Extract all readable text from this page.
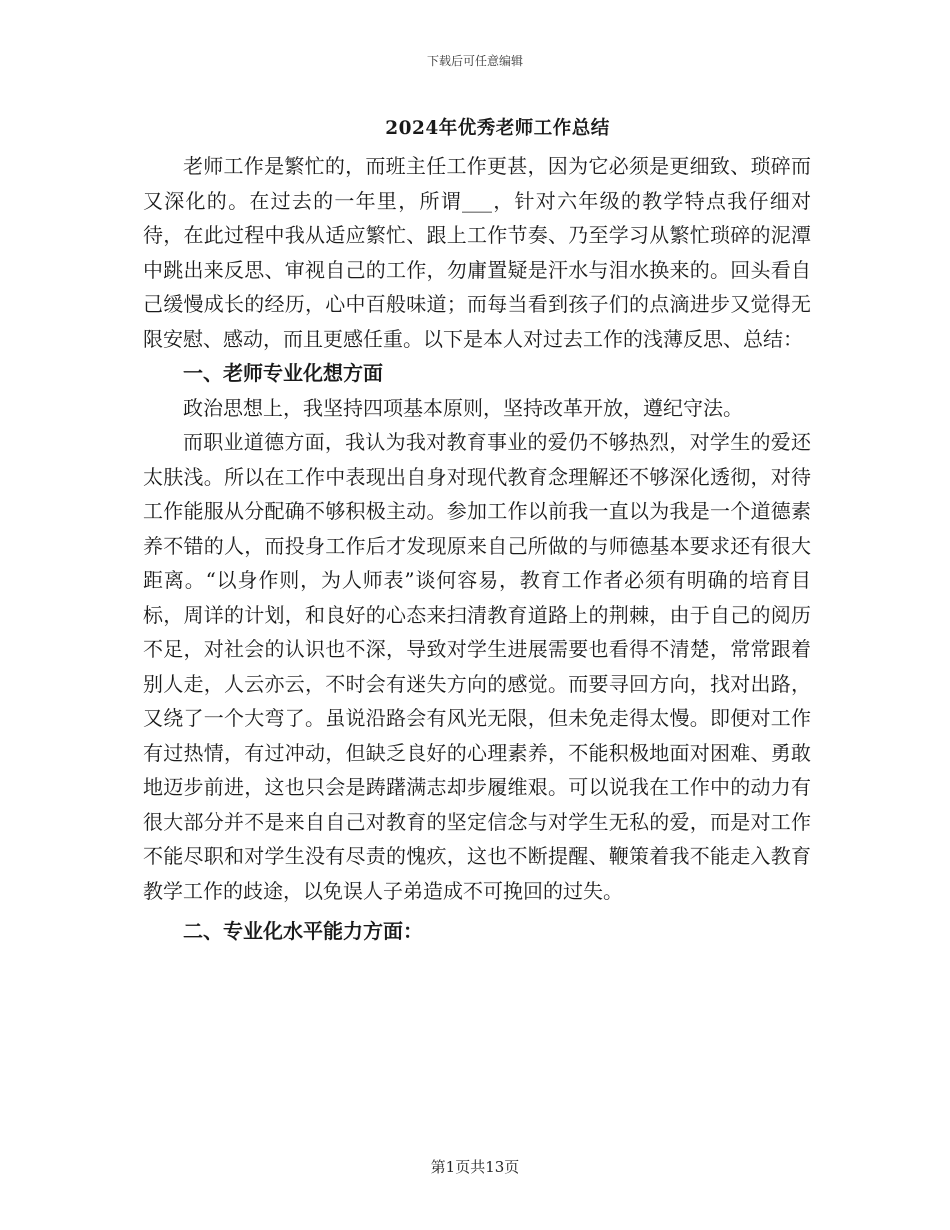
下载后可任意编辑
2024年优秀老师工作总结

老师工作是繁忙的，而班主任工作更甚，因为它必须是更细致、琐碎而又深化的。在过去的一年里，所谓___，针对六年级的教学特点我仔细对待，在此过程中我从适应繁忙、跟上工作节奏、乃至学习从繁忙琐碎的泥潭中跳出来反思、审视自己的工作，勿庸置疑是汗水与泪水换来的。回头看自己缓慢成长的经历，心中百般味道；而每当看到孩子们的点滴进步又觉得无限安慰、感动，而且更感任重。以下是本人对过去工作的浅薄反思、总结：

一、老师专业化想方面

政治思想上，我坚持四项基本原则，坚持改革开放，遵纪守法。

而职业道德方面，我认为我对教育事业的爱仍不够热烈，对学生的爱还太肤浅。所以在工作中表现出自身对现代教育念理解还不够深化透彻，对待工作能服从分配确不够积极主动。参加工作以前我一直以为我是一个道德素养不错的人，而投身工作后才发现原来自己所做的与师德基本要求还有很大距离。“以身作则，为人师表”谈何容易，教育工作者必须有明确的培育目标，周详的计划，和良好的心态来扫清教育道路上的荆棘，由于自己的阅历不足，对社会的认识也不深，导致对学生进展需要也看得不清楚，常常跟着别人走，人云亦云，不时会有迷失方向的感觉。而要寻回方向，找对出路，又绕了一个大弯了。虽说沿路会有风光无限，但未免走得太慢。即便对工作有过热情，有过冲动，但缺乏良好的心理素养，不能积极地面对困难、勇敢地迈步前进，这也只会是踌躇满志却步履维艰。可以说我在工作中的动力有很大部分并不是来自自己对教育的坚定信念与对学生无私的爱，而是对工作不能尽职和对学生没有尽责的愧疚，这也不断提醒、鞭策着我不能走入教育教学工作的歧途，以免误人子弟造成不可挽回的过失。

二、专业化水平能力方面：
第1页共13页
